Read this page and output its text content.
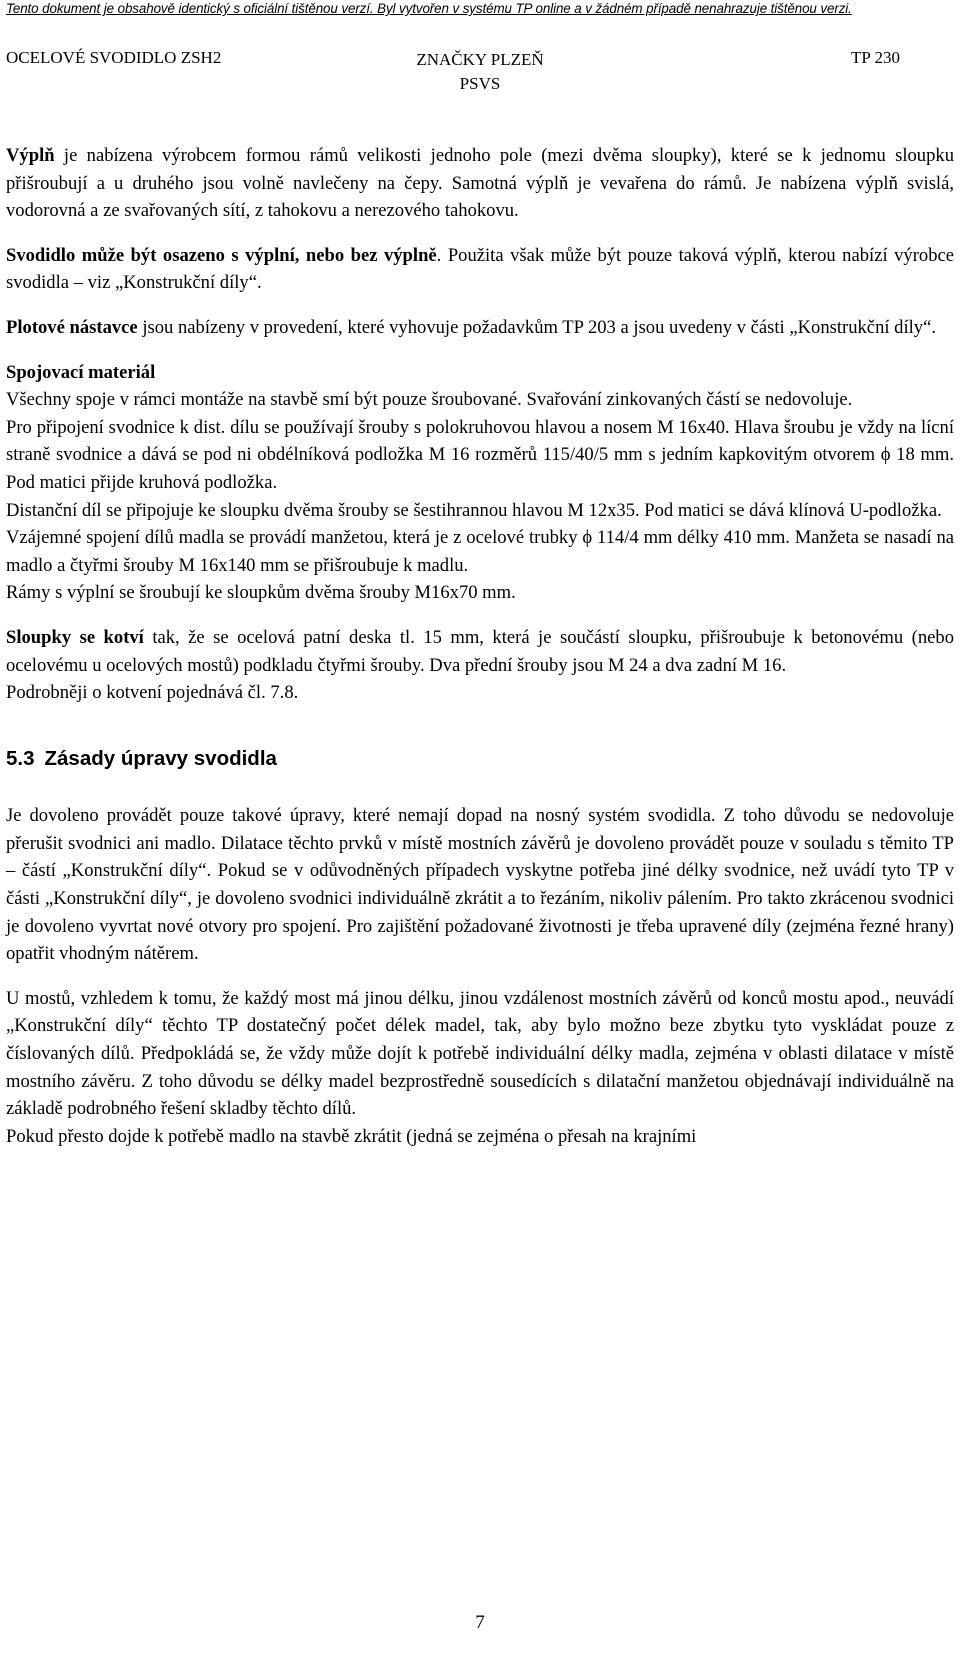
Tento dokument je obsahově identický s oficiální tištěnou verzí. Byl vytvořen v systému TP online a v žádném případě nenahrazuje tištěnou verzi.
OCELOVÉ SVODIDLO ZSH2	ZNAČKY PLZEŇ
PSVS
TP 230

Výplň je nabízena výrobcem formou rámů velikosti jednoho pole (mezi dvěma sloupky), které se k jednomu sloupku přišroubují a u druhého jsou volně navlečeny na čepy. Samotná výplň je vevařena do rámů. Je nabízena výplň svislá, vodorovná a ze svařovaných sítí, z tahokovu a nerezového tahokovu.

Svodidlo může být osazeno s výplní, nebo bez výplně. Použita však může být pouze taková výplň, kterou nabízí výrobce svodidla – viz „Konstrukční díly“.

Plotové nástavce jsou nabízeny v provedení, které vyhovuje požadavkům TP 203 a jsou uvedeny v části „Konstrukční díly“.

Spojovací materiál

Všechny spoje v rámci montáže na stavbě smí být pouze šroubované. Svařování zinkovaných částí se nedovoluje.

Pro připojení svodnice k dist. dílu se používají šrouby s polokruhovou hlavou a nosem M 16x40. Hlava šroubu je vždy na lícní straně svodnice a dává se pod ni obdélníková podložka M 16 rozměrů 115/40/5 mm s jedním kapkovitým otvorem ϕ 18 mm. Pod matici přijde kruhová podložka.

Distanční díl se připojuje ke sloupku dvěma šrouby se šestihrannou hlavou M 12x35. Pod matici se dává klínová U-podložka.

Vzájemné spojení dílů madla se provádí manžetou, která je z ocelové trubky ϕ 114/4 mm délky 410 mm. Manžeta se nasadí na madlo a čtyřmi šrouby M 16x140 mm se přišroubuje k madlu.

Rámy s výplní se šroubují ke sloupkům dvěma šrouby M16x70 mm.

Sloupky se kotví tak, že se ocelová patní deska tl. 15 mm, která je součástí sloupku, přišroubuje k betonovému (nebo ocelovému u ocelových mostů) podkladu čtyřmi šrouby. Dva přední šrouby jsou M 24 a dva zadní M 16.

Podrobněji o kotvení pojednává čl. 7.8.

5.3 Zásady úpravy svodidla

Je dovoleno provádět pouze takové úpravy, které nemají dopad na nosný systém svodidla. Z toho důvodu se nedovoluje přerušit svodnici ani madlo. Dilatace těchto prvků v místě mostních závěrů je dovoleno provádět pouze v souladu s těmito TP – částí „Konstrukční díly“. Pokud se v odůvodněných případech vyskytne potřeba jiné délky svodnice, než uvádí tyto TP v části „Konstrukční díly“, je dovoleno svodnici individuálně zkrátit a to řezáním, nikoliv pálením. Pro takto zkrácenou svodnici je dovoleno vyvrtat nové otvory pro spojení. Pro zajištění požadované životnosti je třeba upravené díly (zejména řezné hrany) opatřit vhodným nátěrem.

U mostů, vzhledem k tomu, že každý most má jinou délku, jinou vzdálenost mostních závěrů od konců mostu apod., neuvádí „Konstrukční díly“ těchto TP dostatečný počet délek madel, tak, aby bylo možno beze zbytku tyto vyskládat pouze z číslovaných dílů. Předpokládá se, že vždy může dojít k potřebě individuální délky madla, zejména v oblasti dilatace v místě mostního závěru. Z toho důvodu se délky madel bezprostředně sousedících s dilatační manžetou objednávají individuálně na základě podrobného řešení skladby těchto dílů.

Pokud přesto dojde k potřebě madlo na stavbě zkrátit (jedná se zejména o přesah na krajními

7
